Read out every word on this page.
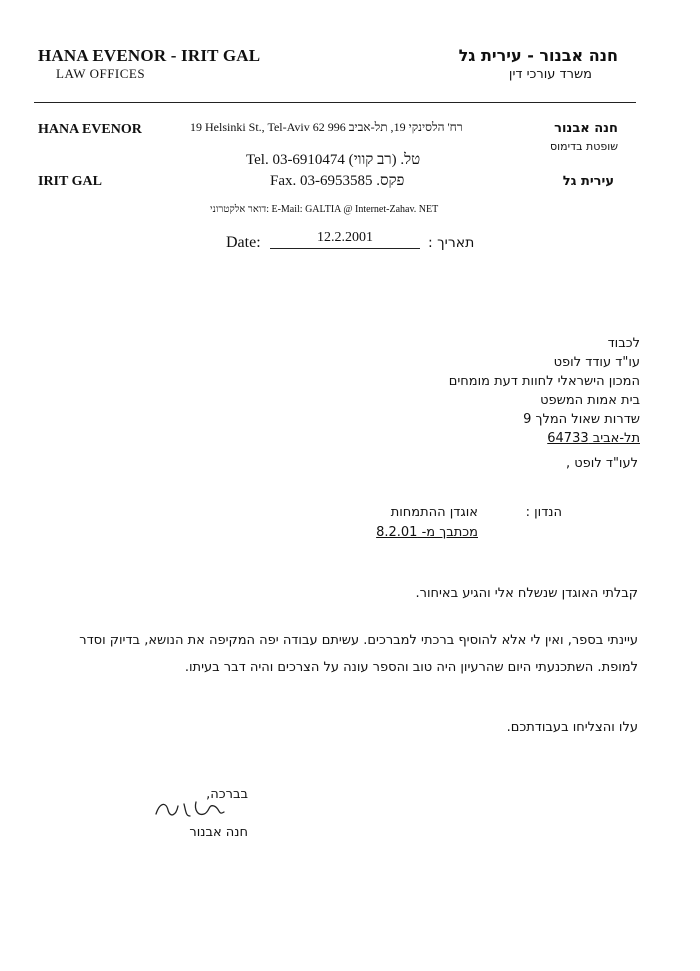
HANA EVENOR - IRIT GAL
LAW OFFICES
חנה אבנור - עירית גל
משרד עורכי דין
HANA EVENOR
IRIT GAL
19 Helsinki St., Tel-Aviv 62 996 רח' הלסינקי 19, תל-אביב	חנה אבנור
שופטת בדימוס
עירית גל
Tel. 03-6910474 (טל. (רב קווי
Fax. 03-6953585 .פקס
דואר אלקטרוני: E-Mail: GALTIA @ Internet-Zahav. NET
Date:	12.2.2001	תאריך :
לכבוד
עו"ד עודד לופט
המכון הישראלי לחוות דעת מומחים
בית אמות המשפט
שדרות שאול המלך 9
תל-אביב 64733
לעו"ד לופט ,
הנדון :
אוגדן ההתמחות
מכתבך מ- 8.2.01
קבלתי האוגדן שנשלח אלי והגיע באיחור.
עיינתי בספר, ואין לי אלא להוסיף ברכתי למברכים. עשיתם עבודה יפה המקיפה את הנושא, בדיוק וסדר למופת. השתכנעתי היום שהרעיון היה טוב והספר עונה על הצרכים והיה דבר בעיתו.
עלו והצליחו בעבודתכם.
בברכה,
חנה אבנור
